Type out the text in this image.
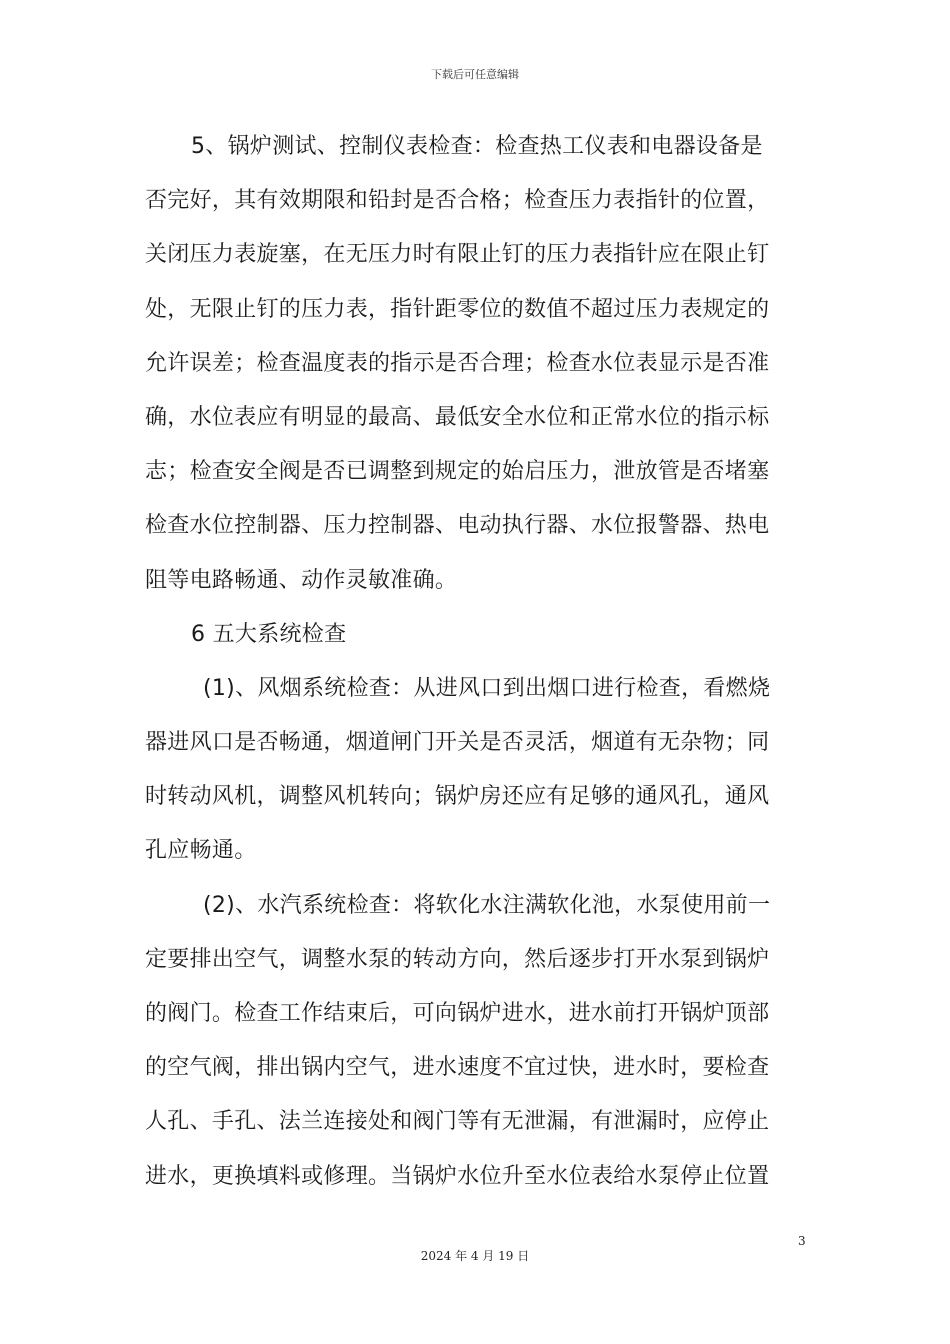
下载后可任意编辑
5、锅炉测试、控制仪表检查：检查热工仪表和电器设备是
否完好，其有效期限和铅封是否合格；检查压力表指针的位置，
关闭压力表旋塞，在无压力时有限止钉的压力表指针应在限止钉
处，无限止钉的压力表，指针距零位的数值不超过压力表规定的
允许误差；检查温度表的指示是否合理；检查水位表显示是否准
确，水位表应有明显的最高、最低安全水位和正常水位的指示标
志；检查安全阀是否已调整到规定的始启压力，泄放管是否堵塞
检查水位控制器、压力控制器、电动执行器、水位报警器、热电
阻等电路畅通、动作灵敏准确。
6 五大系统检查
(1)、风烟系统检查：从进风口到出烟口进行检查，看燃烧
器进风口是否畅通，烟道闸门开关是否灵活，烟道有无杂物；同
时转动风机，调整风机转向；锅炉房还应有足够的通风孔，通风
孔应畅通。
(2)、水汽系统检查：将软化水注满软化池，水泵使用前一
定要排出空气，调整水泵的转动方向，然后逐步打开水泵到锅炉
的阀门。检查工作结束后，可向锅炉进水，进水前打开锅炉顶部
的空气阀，排出锅内空气，进水速度不宜过快，进水时，要检查
人孔、手孔、法兰连接处和阀门等有无泄漏，有泄漏时，应停止
进水，更换填料或修理。当锅炉水位升至水位表给水泵停止位置
3
2024 年 4 月 19 日
